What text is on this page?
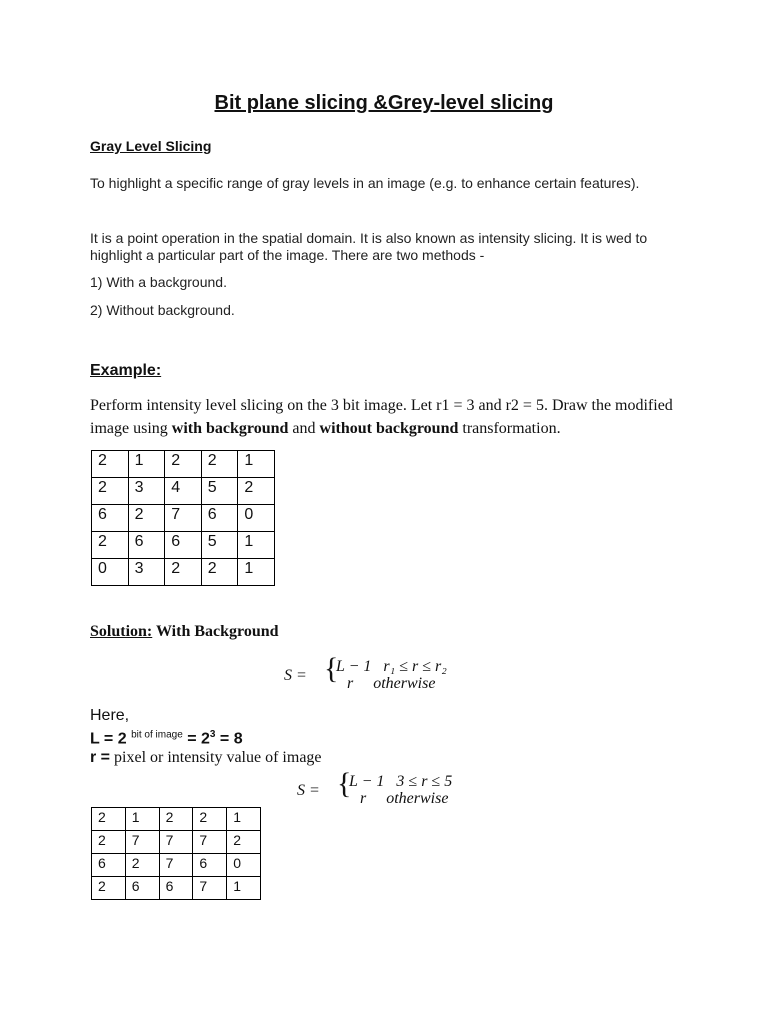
Bit plane slicing &Grey-level slicing
Gray Level Slicing
To highlight a specific range of gray levels in an image (e.g. to enhance certain features).
It is a point operation in the spatial domain. It is also known as intensity slicing. It is wed to highlight a particular part of the image. There are two methods -
1) With a background.
2) Without background.
Example:
Perform intensity level slicing on the 3 bit image. Let r1 = 3 and r2 = 5. Draw the modified image using with background and without background transformation.
2	1	2	2	1
2	3	4	5	2
6	2	7	6	0
2	6	6	5	1
0	3	2	2	1
Solution: With Background
S = {
L − 1   r₁ ≤ r ≤ r₂
r     otherwise
Here,
L = 2 $^{bit of image} = 2^3 = 8$
r = pixel or intensity value of image
S = {
L − 1   3 ≤ r ≤ 5
r     otherwise
2	1	2	2	1
2	7	7	7	2
6	2	7	6	0
2	6	6	7	1
